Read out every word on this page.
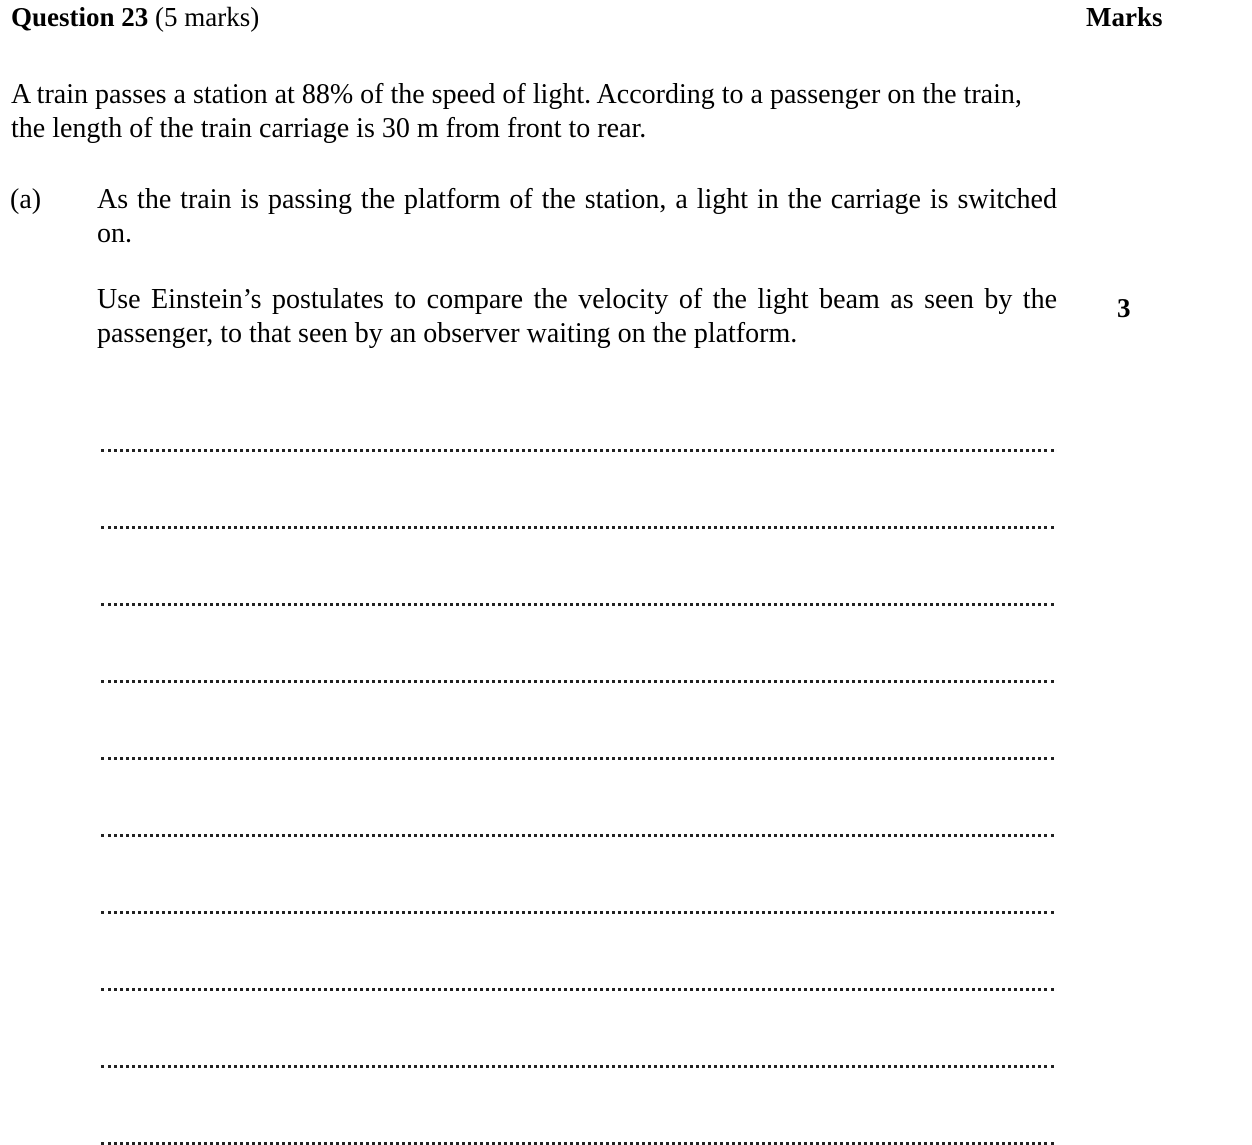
Question 23 (5 marks)	Marks
A train passes a station at 88% of the speed of light. According to a passenger on the train,
the length of the train carriage is 30 m from front to rear.
(a) As the train is passing the platform of the station, a light in the carriage is switched
on.
Use Einstein’s postulates to compare the velocity of the light beam as seen by the
passenger, to that seen by an observer waiting on the platform.
3
